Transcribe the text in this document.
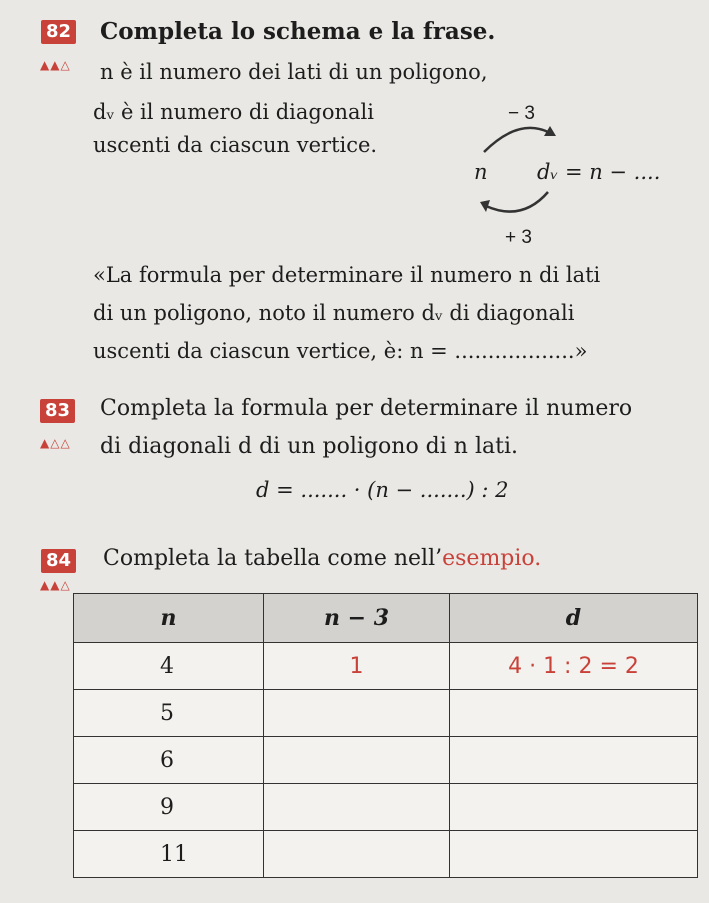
82 Completa lo schema e la frase.
▲▲△ n è il numero dei lati di un poligono,
dᵥ è il numero di diagonali
uscenti da ciascun vertice.
− 3
n dᵥ = n − ....
+ 3
«La formula per determinare il numero n di lati
di un poligono, noto il numero dᵥ di diagonali
uscenti da ciascun vertice, è: n = ..................»
83 Completa la formula per determinare il numero
▲△△ di diagonali d di un poligono di n lati.
d = ....... · (n − .......) : 2
84 Completa la tabella come nell’esempio.
▲▲△
n	n − 3	d
4	1	4 · 1 : 2 = 2
5		
6		
9		
11		
